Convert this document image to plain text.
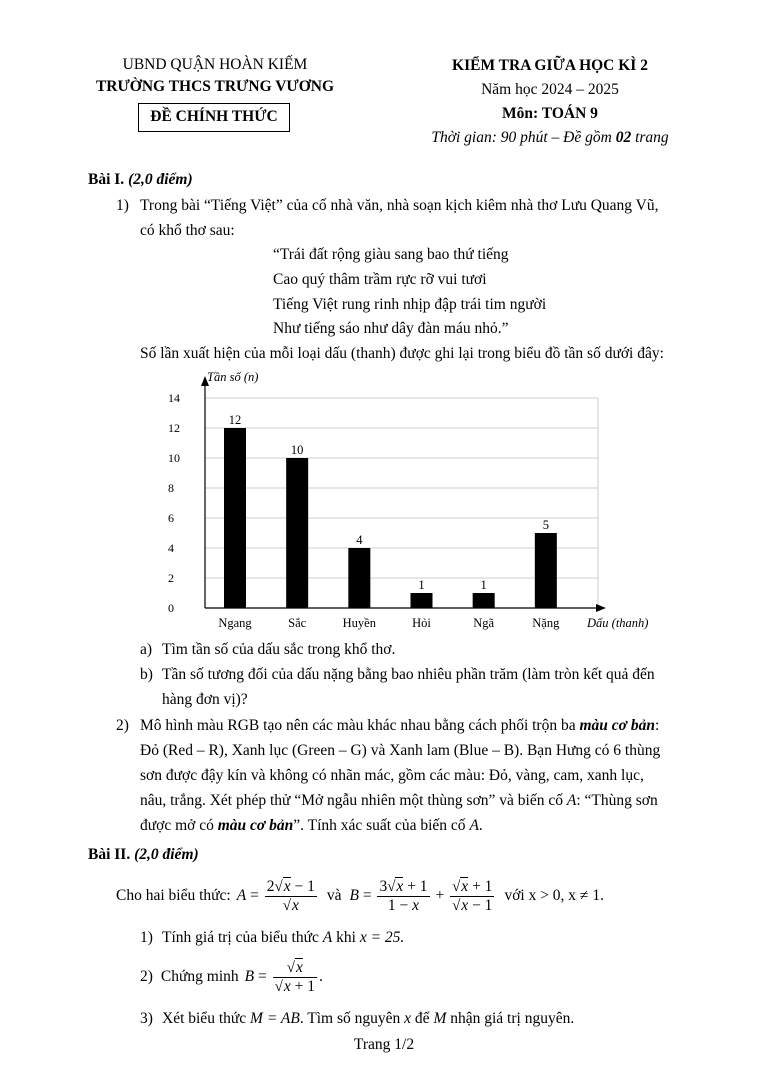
UBND QUẬN HOÀN KIẾM
TRƯỜNG THCS TRƯNG VƯƠNG
ĐỀ CHÍNH THỨC
KIỂM TRA GIỮA HỌC KÌ 2
Năm học 2024 – 2025
Môn: TOÁN 9
Thời gian: 90 phút – Đề gồm 02 trang
Bài I. (2,0 điểm)
1) Trong bài “Tiếng Việt” của cố nhà văn, nhà soạn kịch kiêm nhà thơ Lưu Quang Vũ,
có khổ thơ sau:
“Trái đất rộng giàu sang bao thứ tiếng
Cao quý thâm trầm rực rỡ vui tươi
Tiếng Việt rung rinh nhịp đập trái tim người
Như tiếng sáo như dây đàn máu nhỏ.”
Số lần xuất hiện của mỗi loại dấu (thanh) được ghi lại trong biểu đồ tần số dưới đây:
0
2
4
6
8
10
12
14
Tần số (n)
Dấu (thanh)
12
Ngang
10
Sắc
4
Huyền
1
Hỏi
1
Ngã
5
Nặng
a) Tìm tần số của dấu sắc trong khổ thơ.
b) Tần số tương đối của dấu nặng bằng bao nhiêu phần trăm (làm tròn kết quả đến
hàng đơn vị)?
2) Mô hình màu RGB tạo nên các màu khác nhau bằng cách phối trộn ba màu cơ bản:
Đỏ (Red – R), Xanh lục (Green – G) và Xanh lam (Blue – B). Bạn Hưng có 6 thùng
sơn được đậy kín và không có nhãn mác, gồm các màu: Đỏ, vàng, cam, xanh lục,
nâu, trắng. Xét phép thử “Mở ngẫu nhiên một thùng sơn” và biến cố A: “Thùng sơn
được mở có màu cơ bản”. Tính xác suất của biến cố A.
Bài II. (2,0 điểm)
Cho hai biểu thức: $A = \frac{2√x - 1}{√x}$ và $B = \frac{3√x + 1}{1 - x} + \frac{√x + 1}{√x - 1}$ với x > 0, x ≠ 1.
1) Tính giá trị của biểu thức A khi x = 25.
2) Chứng minh $B = \frac{√x}{√x + 1}$ .
3) Xét biểu thức M = AB. Tìm số nguyên x để M nhận giá trị nguyên.
Trang 1/2
